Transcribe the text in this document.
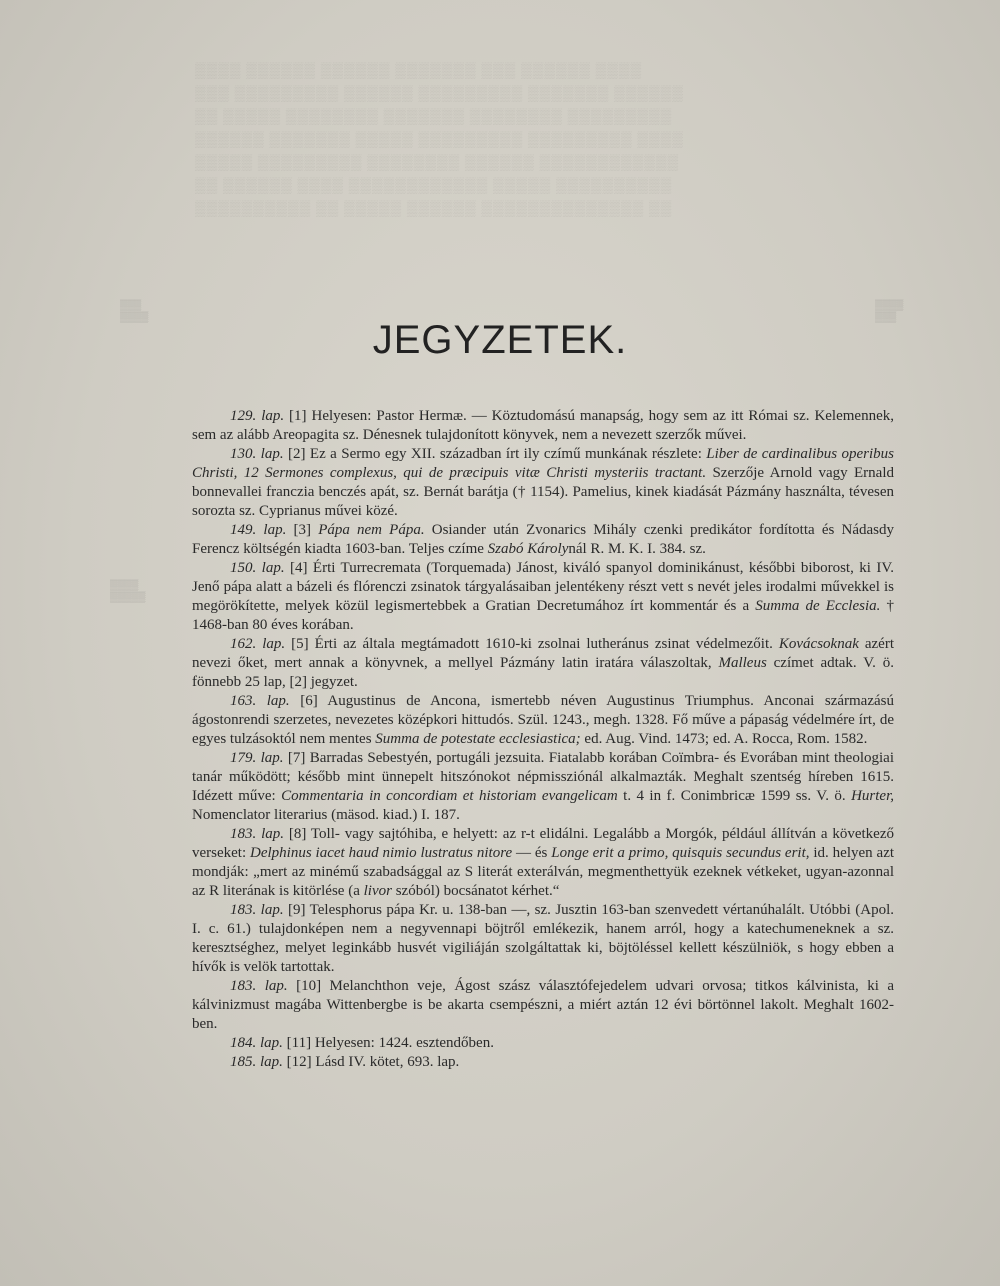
▒▒▒▒ ▒▒▒▒▒▒ ▒▒▒▒▒▒ ▒▒▒▒▒▒▒ ▒▒▒ ▒▒▒▒▒▒ ▒▒▒▒
▒▒▒ ▒▒▒▒▒▒▒▒▒ ▒▒▒▒▒▒ ▒▒▒▒▒▒▒▒▒ ▒▒▒▒▒▒▒ ▒▒▒▒▒▒
▒▒ ▒▒▒▒▒ ▒▒▒▒▒▒▒▒ ▒▒▒▒▒▒▒ ▒▒▒▒▒▒▒▒ ▒▒▒▒▒▒▒▒▒
▒▒▒▒▒▒ ▒▒▒▒▒▒▒ ▒▒▒▒▒ ▒▒▒▒▒▒▒▒▒ ▒▒▒▒▒▒▒▒▒ ▒▒▒▒
▒▒▒▒▒ ▒▒▒▒▒▒▒▒▒ ▒▒▒▒▒▒▒▒ ▒▒▒▒▒▒ ▒▒▒▒▒▒▒▒▒▒▒▒
▒▒ ▒▒▒▒▒▒ ▒▒▒▒ ▒▒▒▒▒▒▒▒▒▒▒▒ ▒▒▒▒▒ ▒▒▒▒▒▒▒▒▒▒
▒▒▒▒▒▒▒▒▒▒ ▒▒ ▒▒▒▒▒ ▒▒▒▒▒▒ ▒▒▒▒▒▒▒▒▒▒▒▒▒▒ ▒▒
▒▒▒
▒▒▒▒
▒▒▒▒
▒▒▒▒▒
▒▒▒▒
▒▒▒
JEGYZETEK.

129. lap. [1] Helyesen: Pastor Hermæ. — Köztudomású manapság, hogy sem az itt Római sz. Kelemennek, sem az alább Areopagita sz. Dénesnek tulajdonított könyvek, nem a nevezett szerzők művei.

130. lap. [2] Ez a Sermo egy XII. században írt ily czímű munkának részlete: Liber de cardinalibus operibus Christi, 12 Sermones complexus, qui de præcipuis vitæ Christi mysteriis tractant. Szerzője Arnold vagy Ernald bonnevallei franczia benczés apát, sz. Bernát barátja († 1154). Pamelius, kinek kiadását Pázmány használta, tévesen sorozta sz. Cyprianus művei közé.

149. lap. [3] Pápa nem Pápa. Osiander után Zvonarics Mihály czenki predikátor fordította és Nádasdy Ferencz költségén kiadta 1603-ban. Teljes czíme Szabó Károlynál R. M. K. I. 384. sz.

150. lap. [4] Érti Turrecremata (Torquemada) Jánost, kiváló spanyol dominikánust, későbbi biborost, ki IV. Jenő pápa alatt a bázeli és flórenczi zsinatok tárgyalásaiban jelentékeny részt vett s nevét jeles irodalmi művekkel is megörökítette, melyek közül legismertebbek a Gratian Decretumához írt kommentár és a Summa de Ecclesia. † 1468-ban 80 éves korában.

162. lap. [5] Érti az általa megtámadott 1610-ki zsolnai lutheránus zsinat védelmezőit. Kovácsoknak azért nevezi őket, mert annak a könyvnek, a mellyel Pázmány latin iratára válaszoltak, Malleus czímet adtak. V. ö. fönnebb 25 lap, [2] jegyzet.

163. lap. [6] Augustinus de Ancona, ismertebb néven Augustinus Triumphus. Anconai származású ágostonrendi szerzetes, nevezetes középkori hittudós. Szül. 1243., megh. 1328. Fő műve a pápaság védelmére írt, de egyes tulzásoktól nem mentes Summa de potestate ecclesiastica; ed. Aug. Vind. 1473; ed. A. Rocca, Rom. 1582.

179. lap. [7] Barradas Sebestyén, portugáli jezsuita. Fiatalabb korában Coïmbra- és Evorában mint theologiai tanár működött; később mint ünnepelt hitszónokot népmissziónál alkalmazták. Meghalt szentség híreben 1615. Idézett műve: Commentaria in concordiam et historiam evangelicam t. 4 in f. Conimbricæ 1599 ss. V. ö. Hurter, Nomenclator literarius (mäsod. kiad.) I. 187.

183. lap. [8] Toll- vagy sajtóhiba, e helyett: az r-t elidálni. Legalább a Morgók, például állítván a következő verseket: Delphinus iacet haud nimio lustratus nitore — és Longe erit a primo, quisquis secundus erit, id. helyen azt mondják: „mert az minémű szabadsággal az S literát exterálván, megmenthettyük ezeknek vétkeket, ugyan-azonnal az R literának is kitörlése (a livor szóból) bocsánatot kérhet.“

183. lap. [9] Telesphorus pápa Kr. u. 138-ban —, sz. Jusztin 163-ban szenvedett vértanúhalált. Utóbbi (Apol. I. c. 61.) tulajdonképen nem a negyvennapi böjtről emlékezik, hanem arról, hogy a katechumeneknek a sz. keresztséghez, melyet leginkább husvét vigiliáján szolgáltattak ki, böjtöléssel kellett készülniök, s hogy ebben a hívők is velök tartottak.

183. lap. [10] Melanchthon veje, Ágost szász választófejedelem udvari orvosa; titkos kálvinista, ki a kálvinizmust magába Wittenbergbe is be akarta csempészni, a miért aztán 12 évi börtönnel lakolt. Meghalt 1602-ben.

184. lap. [11] Helyesen: 1424. esztendőben.

185. lap. [12] Lásd IV. kötet, 693. lap.
